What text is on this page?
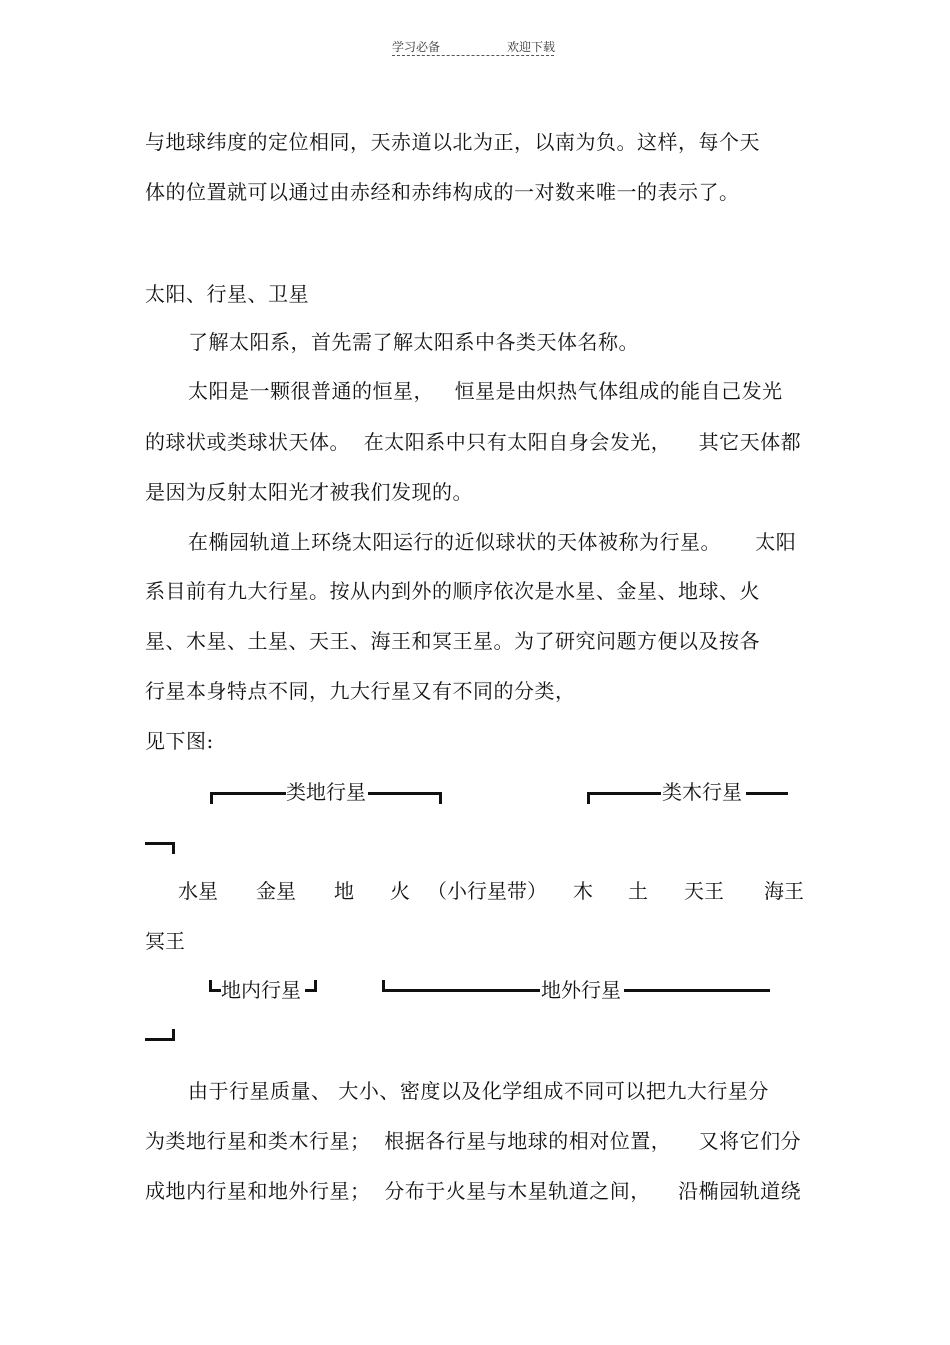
学习必备	欢迎下载
与地球纬度的定位相同，天赤道以北为正，以南为负。这样，每个天
体的位置就可以通过由赤经和赤纬构成的一对数来唯一的表示了。
太阳、行星、卫星
了解太阳系，首先需了解太阳系中各类天体名称。
太阳是一颗很普通的恒星，   恒星是由炽热气体组成的能自己发光
的球状或类球状天体。  在太阳系中只有太阳自身会发光，    其它天体都
是因为反射太阳光才被我们发现的。
在椭园轨道上环绕太阳运行的近似球状的天体被称为行星。     太阳
系目前有九大行星。按从内到外的顺序依次是水星、金星、地球、火
星、木星、土星、天王、海王和冥王星。为了研究问题方便以及按各
行星本身特点不同，九大行星又有不同的分类，
见下图:
类地行星	类木行星
水星 金星 地 火 （小行星带） 木 土 天王 海王
冥王
地内行星	地外行星
由于行星质量、 大小、密度以及化学组成不同可以把九大行星分
为类地行星和类木行星；  根据各行星与地球的相对位置，    又将它们分
成地内行星和地外行星；  分布于火星与木星轨道之间，    沿椭园轨道绕
